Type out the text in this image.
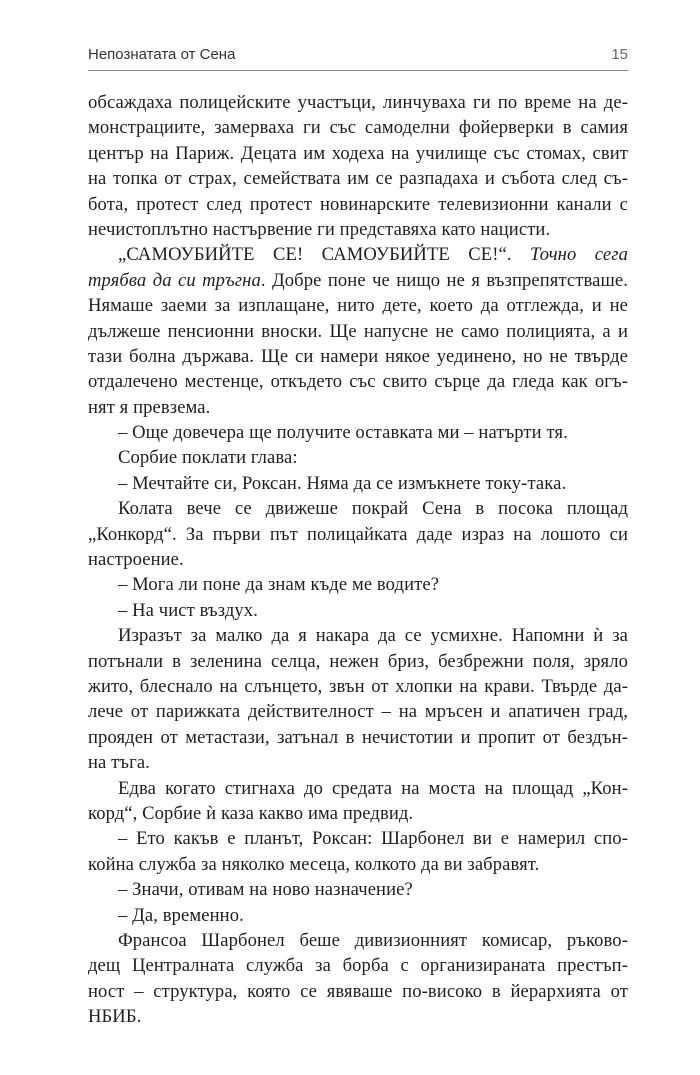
Непознатата от Сена	15
обсаждаха полицейските участъци, линчуваха ги по време на де-
монстрациите, замерваха ги със самоделни фойерверки в самия
център на Париж. Децата им ходеха на училище със стомах, свит
на топка от страх, семействата им се разпадаха и събота след съ-
бота, протест след протест новинарските телевизионни канали с
нечистоплътно настървение ги представяха като нацисти.
„САМОУБИЙТЕ СЕ! САМОУБИЙТЕ СЕ!“. Точно сега
трябва да си тръгна. Добре поне че нищо не я възпрепятстваше.
Нямаше заеми за изплащане, нито дете, което да отглежда, и не
дължеше пенсионни вноски. Ще напусне не само полицията, а и
тази болна държава. Ще си намери някое уединено, но не твърде
отдалечено местенце, откъдето със свито сърце да гледа как огъ-
нят я превзема.
– Още довечера ще получите оставката ми – натърти тя.
Сорбие поклати глава:
– Мечтайте си, Роксан. Няма да се измъкнете току-така.
Колата вече се движеше покрай Сена в посока площад
„Конкорд“. За първи път полицайката даде израз на лошото си
настроение.
– Мога ли поне да знам къде ме водите?
– На чист въздух.
Изразът за малко да я накара да се усмихне. Напомни ѝ за
потънали в зеленина селца, нежен бриз, безбрежни поля, зряло
жито, блеснало на слънцето, звън от хлопки на крави. Твърде да-
лече от парижката действителност – на мръсен и апатичен град,
прояден от метастази, затънал в нечистотии и пропит от бездън-
на тъга.
Едва когато стигнаха до средата на моста на площад „Кон-
корд“, Сорбие ѝ каза какво има предвид.
– Ето какъв е планът, Роксан: Шарбонел ви е намерил спо-
койна служба за няколко месеца, колкото да ви забравят.
– Значи, отивам на ново назначение?
– Да, временно.
Франсоа Шарбонел беше дивизионният комисар, ръково-
дещ Централната служба за борба с организираната престъп-
ност – структура, която се явяваше по-високо в йерархията от
НБИБ.
